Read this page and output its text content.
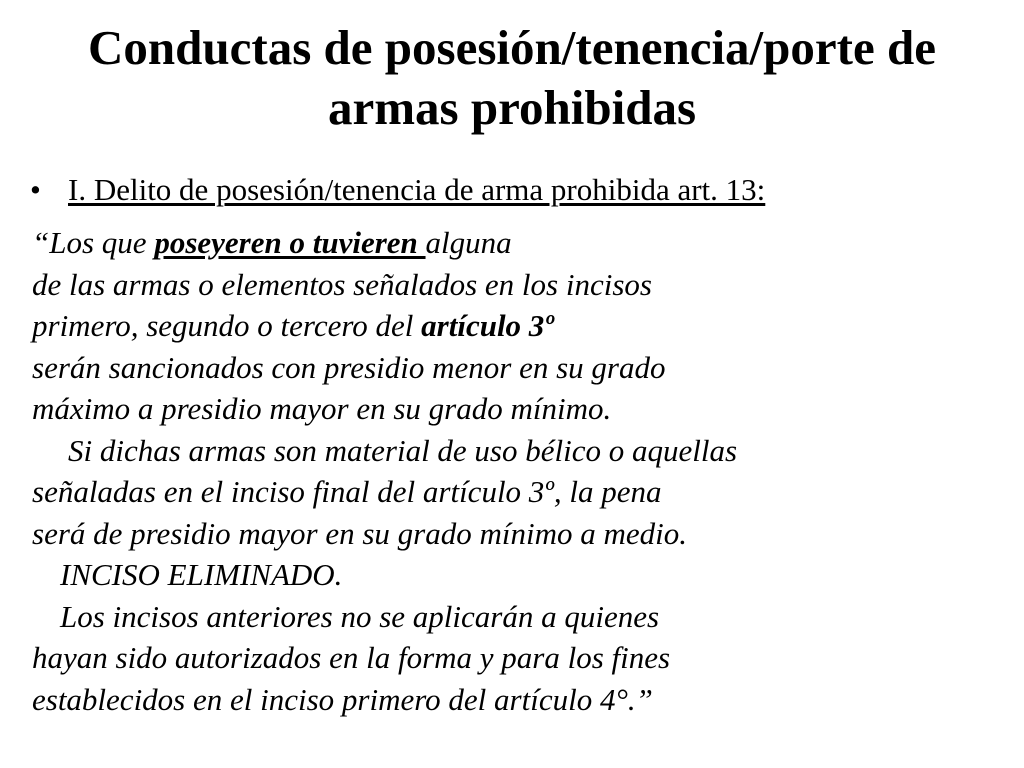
Conductas de posesión/tenencia/porte de
armas prohibidas
• I. Delito de posesión/tenencia de arma prohibida art. 13:
“Los que poseyeren o tuvieren alguna
de las armas o elementos señalados en los incisos
primero, segundo o tercero del artículo 3º
serán sancionados con presidio menor en su grado
máximo a presidio mayor en su grado mínimo.
Si dichas armas son material de uso bélico o aquellas
señaladas en el inciso final del artículo 3º, la pena
será de presidio mayor en su grado mínimo a medio.
INCISO ELIMINADO.
Los incisos anteriores no se aplicarán a quienes
hayan sido autorizados en la forma y para los fines
establecidos en el inciso primero del artículo 4°.”
